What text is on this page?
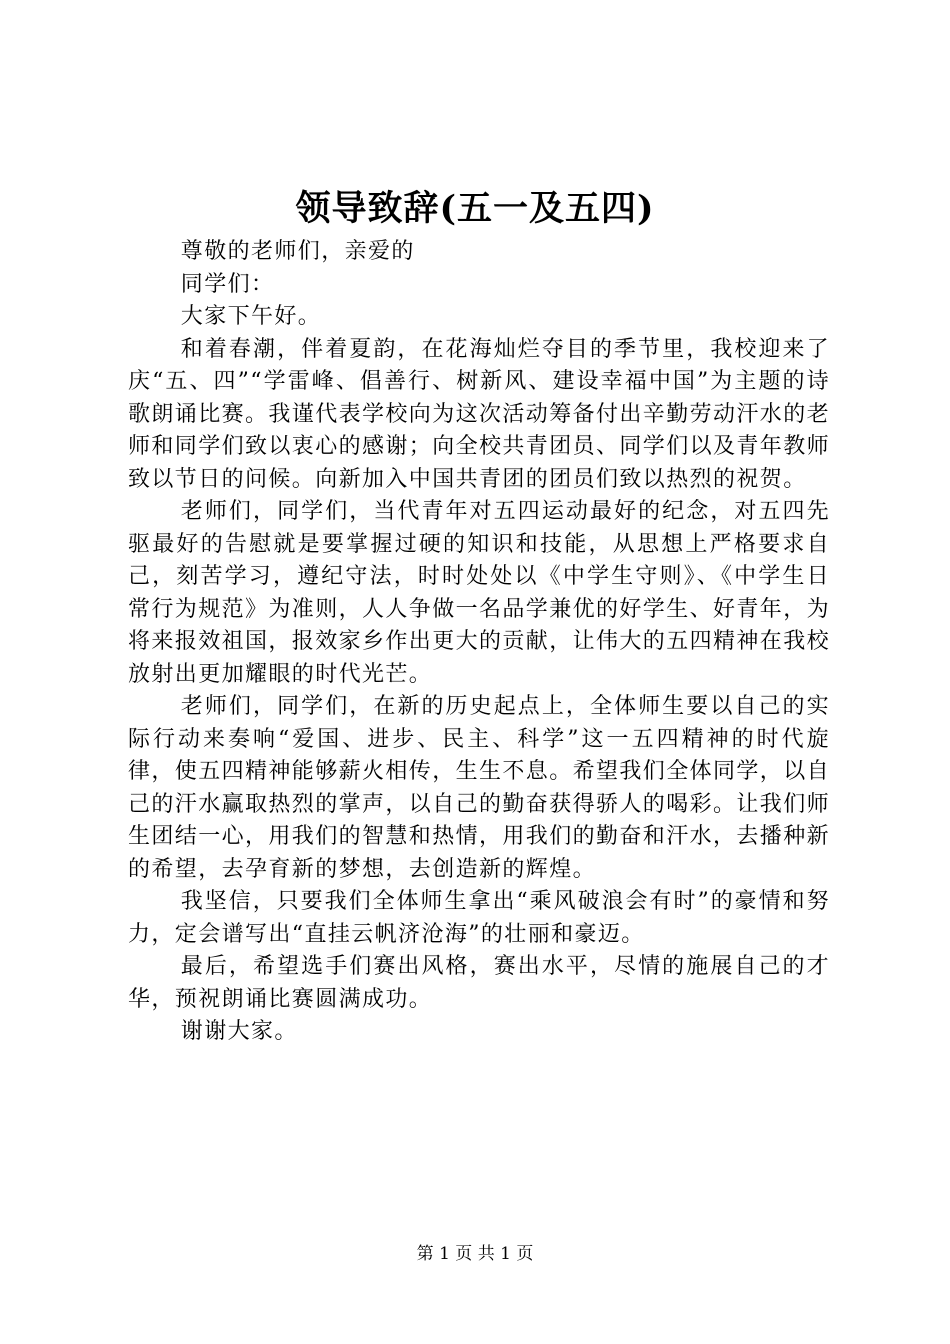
领导致辞(五一及五四)

尊敬的老师们，亲爱的

同学们：

大家下午好。

和着春潮，伴着夏韵，在花海灿烂夺目的季节里，我校迎来了庆“五、四”“学雷峰、倡善行、树新风、建设幸福中国”为主题的诗歌朗诵比赛。我谨代表学校向为这次活动筹备付出辛勤劳动汗水的老师和同学们致以衷心的感谢；向全校共青团员、同学们以及青年教师致以节日的问候。向新加入中国共青团的团员们致以热烈的祝贺。

老师们，同学们，当代青年对五四运动最好的纪念，对五四先驱最好的告慰就是要掌握过硬的知识和技能，从思想上严格要求自己，刻苦学习，遵纪守法，时时处处以《中学生守则》、《中学生日常行为规范》为准则，人人争做一名品学兼优的好学生、好青年，为将来报效祖国，报效家乡作出更大的贡献，让伟大的五四精神在我校放射出更加耀眼的时代光芒。

老师们，同学们，在新的历史起点上，全体师生要以自己的实际行动来奏响“爱国、进步、民主、科学”这一五四精神的时代旋律，使五四精神能够薪火相传，生生不息。希望我们全体同学，以自己的汗水赢取热烈的掌声，以自己的勤奋获得骄人的喝彩。让我们师生团结一心，用我们的智慧和热情，用我们的勤奋和汗水，去播种新的希望，去孕育新的梦想，去创造新的辉煌。

我坚信，只要我们全体师生拿出“乘风破浪会有时”的豪情和努力，定会谱写出“直挂云帆济沧海”的壮丽和豪迈。

最后，希望选手们赛出风格，赛出水平，尽情的施展自己的才华，预祝朗诵比赛圆满成功。

谢谢大家。

第 1 页 共 1 页
